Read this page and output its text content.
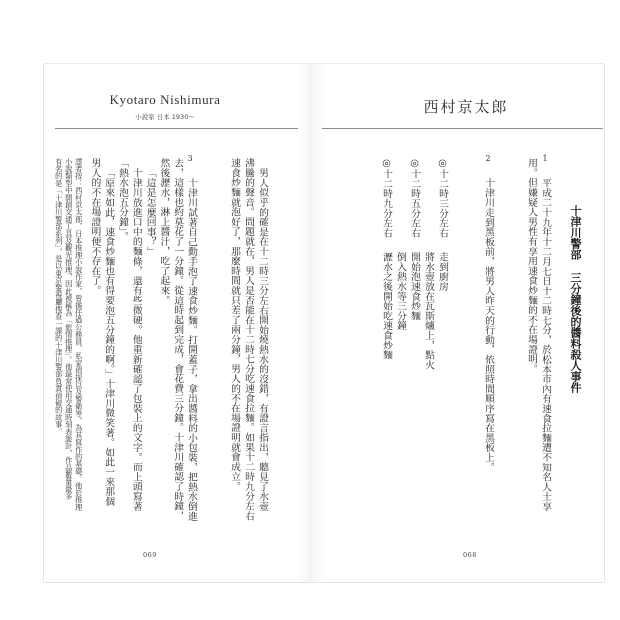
Kyotaro Nishimura
小說家 日本 1930～
男人似乎的確是在十二時三分左右開始燒熱水的沒錯，有證言指出，聽見了水壺
沸騰的聲音。問題就在，男人是否能在十二時七分吃速食拉麵。如果十二時九分左右
速食炒麵就泡好了，那麼時間就只差了兩分鐘，男人的不在場證明就會成立。
3
十津川試著自己動手泡了速食炒麵。打開蓋子，拿出醬料的小包裝，把熱水倒進
去，這樣也約莫花了一分鐘。從這時起到完成，會花費三分鐘。十津川確認了時鐘，
然後瀝水，淋上醬汁，吃了起來。
「這是怎麼回事？」
十津川放進口中的麵條，還有些微硬。他重新確認了包裝上的文字。而上頭寫著
「熱水泡五分鐘」。
「原來如此，速食炒麵也有得要泡五分鐘的啊。」十津川微笑著。如此一來那個
男人的不在場證明便不存在了。
譯者按：西村京太郎，日本推理小說作家，曾擔任過公務員、私家偵探以及警衛等，為其寫作的基礎。他於推理
小說類型中開創交通工具及觀光推理，因此被稱為「旅情推理」。他最常使用交通時刻表詭計，作品數量最多
有名的是「十津川警部系列」，是以東京警視廳搜查一課的十津川警部負責偵破的故事。
069
西村京太郎
十津川警部
三分鐘後的醬料殺人事件
1
平成二十九年十二月七日十二時七分，於松本市內有速食拉麵遭不知名人士享
用。但嫌疑人男性有享用速食炒麵的不在場證明。
2
十津川走到黑板前，將男人昨天的行動，依照時間順序寫在黑板上。
◎十二時三分左右
走到廚房
將水壺放在瓦斯爐上，點火
◎十二時五分左右
開始泡速食炒麵
倒入熱水等三分鐘
◎十二時九分左右
瀝水之後開始吃速食炒麵
068
